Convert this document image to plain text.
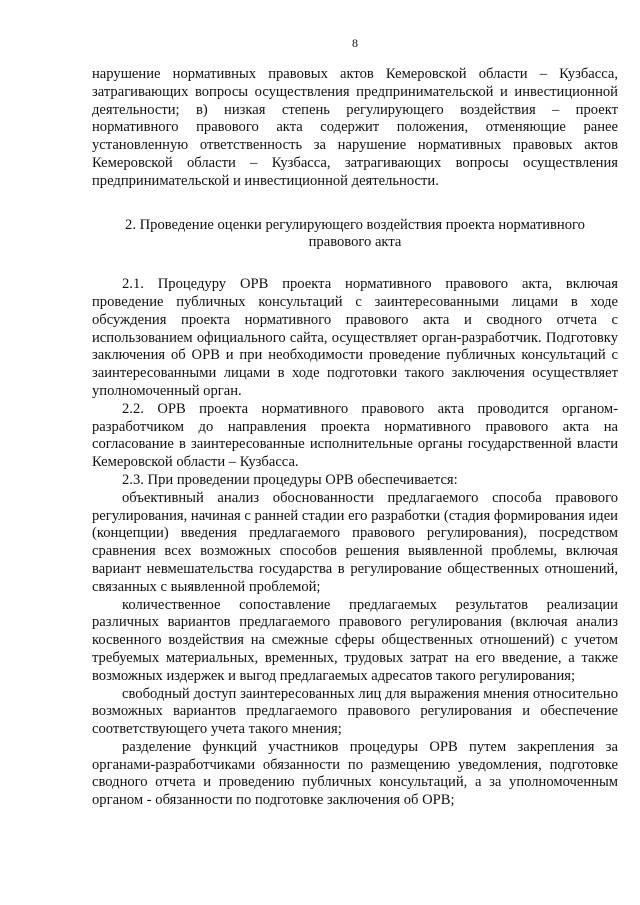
8

нарушение нормативных правовых актов Кемеровской области – Кузбасса, затрагивающих вопросы осуществления предпринимательской и инвестиционной деятельности; в) низкая степень регулирующего воздействия – проект нормативного правового акта содержит положения, отменяющие ранее установленную ответственность за нарушение нормативных правовых актов Кемеровской области – Кузбасса, затрагивающих вопросы осуществления предпринимательской и инвестиционной деятельности.

2. Проведение оценки регулирующего воздействия проекта нормативного правового акта

2.1. Процедуру ОРВ проекта нормативного правового акта, включая проведение публичных консультаций с заинтересованными лицами в ходе обсуждения проекта нормативного правового акта и сводного отчета с использованием официального сайта, осуществляет орган-разработчик. Подготовку заключения об ОРВ и при необходимости проведение публичных консультаций с заинтересованными лицами в ходе подготовки такого заключения осуществляет уполномоченный орган.

2.2. ОРВ проекта нормативного правового акта проводится органом-разработчиком до направления проекта нормативного правового акта на согласование в заинтересованные исполнительные органы государственной власти Кемеровской области – Кузбасса.

2.3. При проведении процедуры ОРВ обеспечивается:

объективный анализ обоснованности предлагаемого способа правового регулирования, начиная с ранней стадии его разработки (стадия формирования идеи (концепции) введения предлагаемого правового регулирования), посредством сравнения всех возможных способов решения выявленной проблемы, включая вариант невмешательства государства в регулирование общественных отношений, связанных с выявленной проблемой;

количественное сопоставление предлагаемых результатов реализации различных вариантов предлагаемого правового регулирования (включая анализ косвенного воздействия на смежные сферы общественных отношений) с учетом требуемых материальных, временных, трудовых затрат на его введение, а также возможных издержек и выгод предлагаемых адресатов такого регулирования;

свободный доступ заинтересованных лиц для выражения мнения относительно возможных вариантов предлагаемого правового регулирования и обеспечение соответствующего учета такого мнения;

разделение функций участников процедуры ОРВ путем закрепления за органами-разработчиками обязанности по размещению уведомления, подготовке сводного отчета и проведению публичных консультаций, а за уполномоченным органом - обязанности по подготовке заключения об ОРВ;
